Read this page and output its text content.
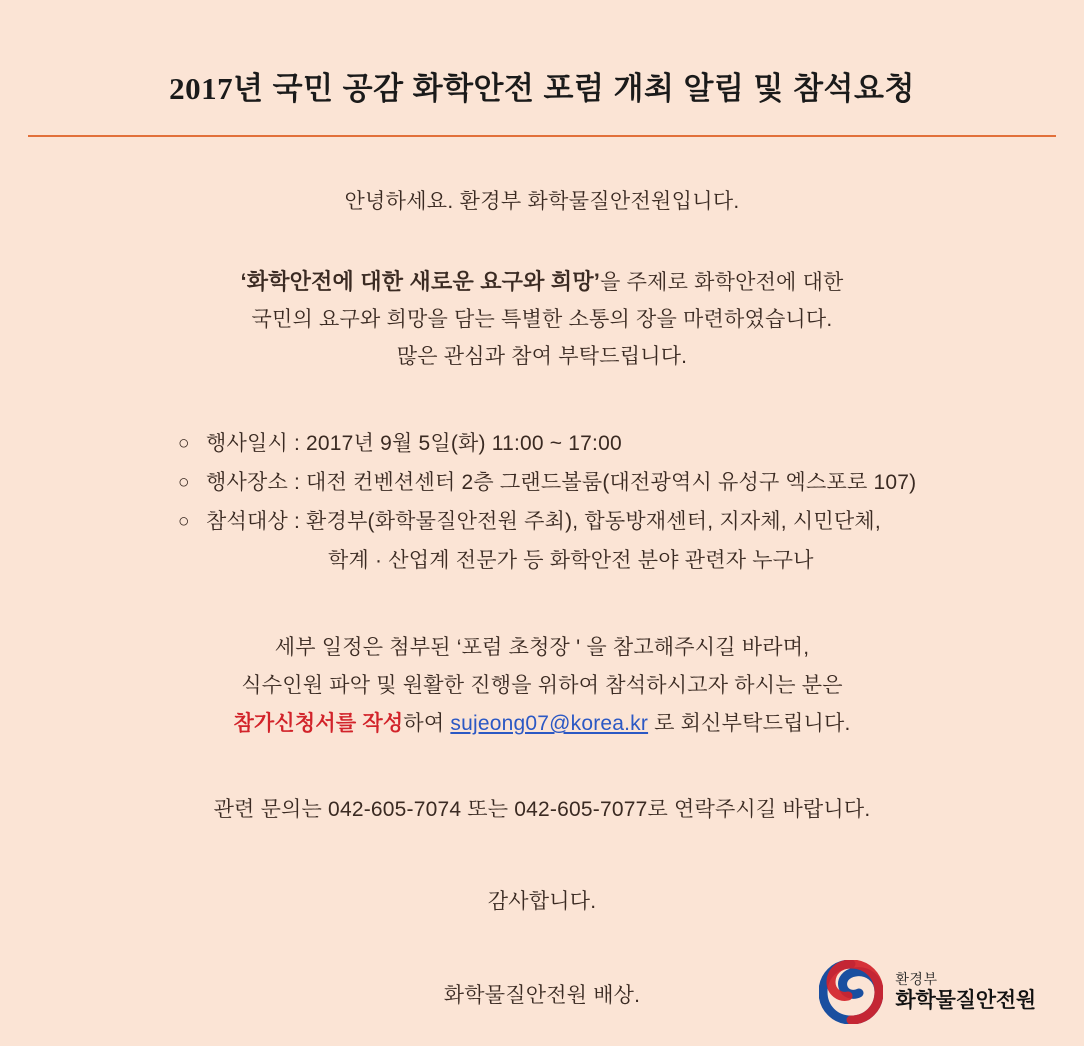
2017년 국민 공감 화학안전 포럼 개최 알림 및 참석요청
안녕하세요. 환경부 화학물질안전원입니다.
‘화학안전에 대한 새로운 요구와 희망’을 주제로 화학안전에 대한
국민의 요구와 희망을 담는 특별한 소통의 장을 마련하였습니다.
많은 관심과 참여 부탁드립니다.
○ 행사일시 : 2017년 9월 5일(화) 11:00 ~ 17:00
○ 행사장소 : 대전 컨벤션센터 2층 그랜드볼룸(대전광역시 유성구 엑스포로 107)
○ 참석대상 : 환경부(화학물질안전원 주최), 합동방재센터, 지자체, 시민단체,
학계 · 산업계 전문가 등 화학안전 분야 관련자 누구나
세부 일정은 첨부된 ‘포럼 초청장 ' 을 참고해주시길 바라며,
식수인원 파악 및 원활한 진행을 위하여 참석하시고자 하시는 분은
참가신청서를 작성하여 sujeong07@korea.kr 로 회신부탁드립니다.
관련 문의는 042-605-7074 또는 042-605-7077로 연락주시길 바랍니다.
감사합니다.
화학물질안전원 배상.
환경부
화학물질안전원
